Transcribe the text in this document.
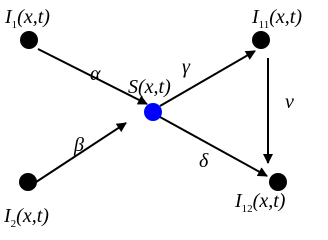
$I_1(x,t)$	$I_{11}(x,t)$
S(x,t)
$I_{12}(x,t)$
$I_2(x,t)$
α
β
γ
δ
ν
